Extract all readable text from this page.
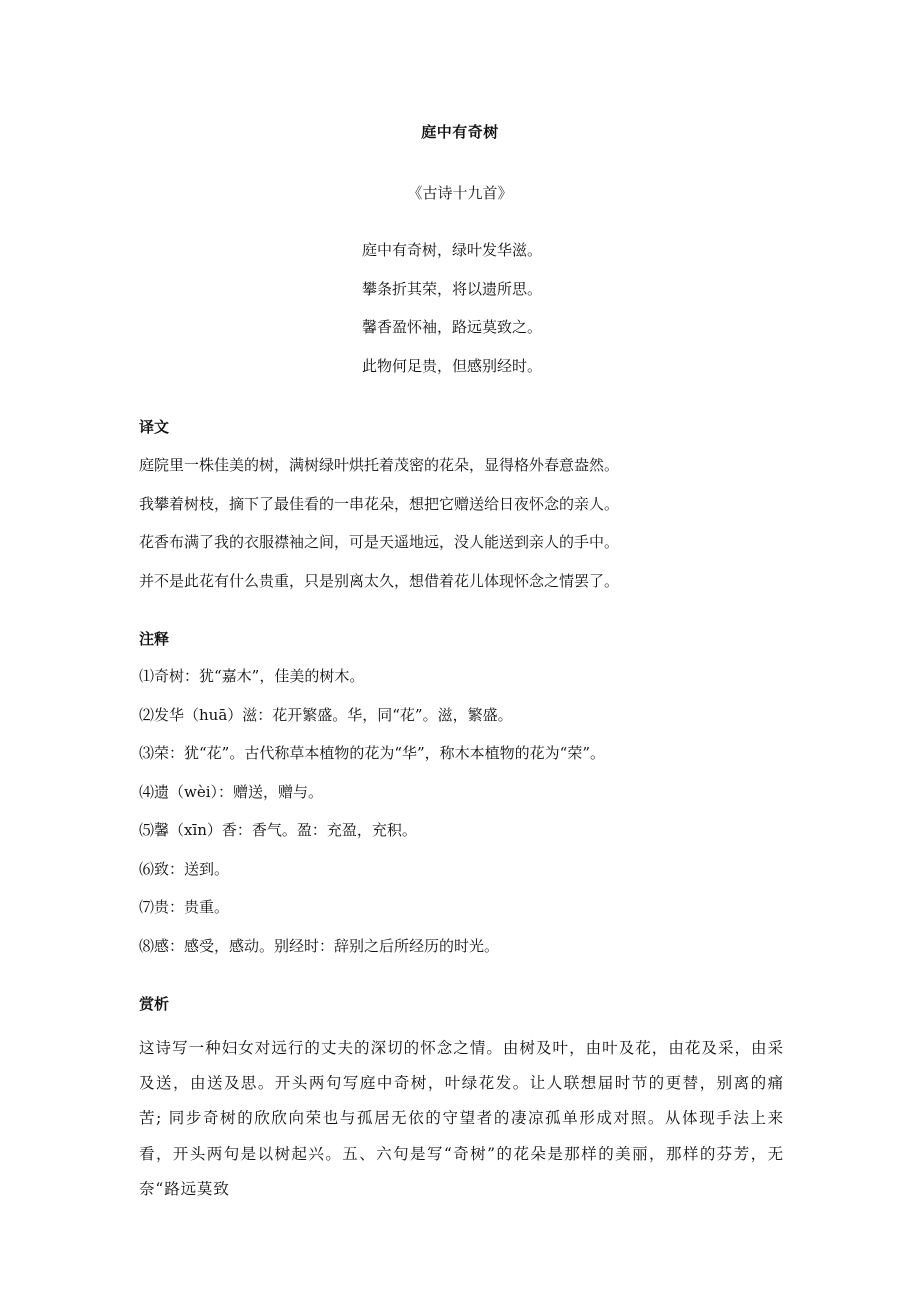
庭中有奇树
《古诗十九首》
庭中有奇树，绿叶发华滋。
攀条折其荣，将以遗所思。
馨香盈怀袖，路远莫致之。
此物何足贵，但感别经时。
译文
庭院里一株佳美的树，满树绿叶烘托着茂密的花朵，显得格外春意盎然。
我攀着树枝，摘下了最佳看的一串花朵，想把它赠送给日夜怀念的亲人。
花香布满了我的衣服襟袖之间，可是天遥地远，没人能送到亲人的手中。
并不是此花有什么贵重，只是别离太久，想借着花儿体现怀念之情罢了。
注释
⑴奇树：犹“嘉木”，佳美的树木。
⑵发华（huā）滋：花开繁盛。华，同“花”。滋，繁盛。
⑶荣：犹“花”。古代称草本植物的花为“华”，称木本植物的花为“荣”。
⑷遗（wèi）：赠送，赠与。
⑸馨（xīn）香：香气。盈：充盈，充积。
⑹致：送到。
⑺贵：贵重。
⑻感：感受，感动。别经时：辞别之后所经历的时光。
赏析
这诗写一种妇女对远行的丈夫的深切的怀念之情。由树及叶，由叶及花，由花及采，由采及送，由送及思。开头两句写庭中奇树，叶绿花发。让人联想届时节的更替，别离的痛苦; 同步奇树的欣欣向荣也与孤居无依的守望者的凄凉孤单形成对照。从体现手法上来看，开头两句是以树起兴。五、六句是写“奇树”的花朵是那样的美丽，那样的芬芳，无奈“路远莫致
